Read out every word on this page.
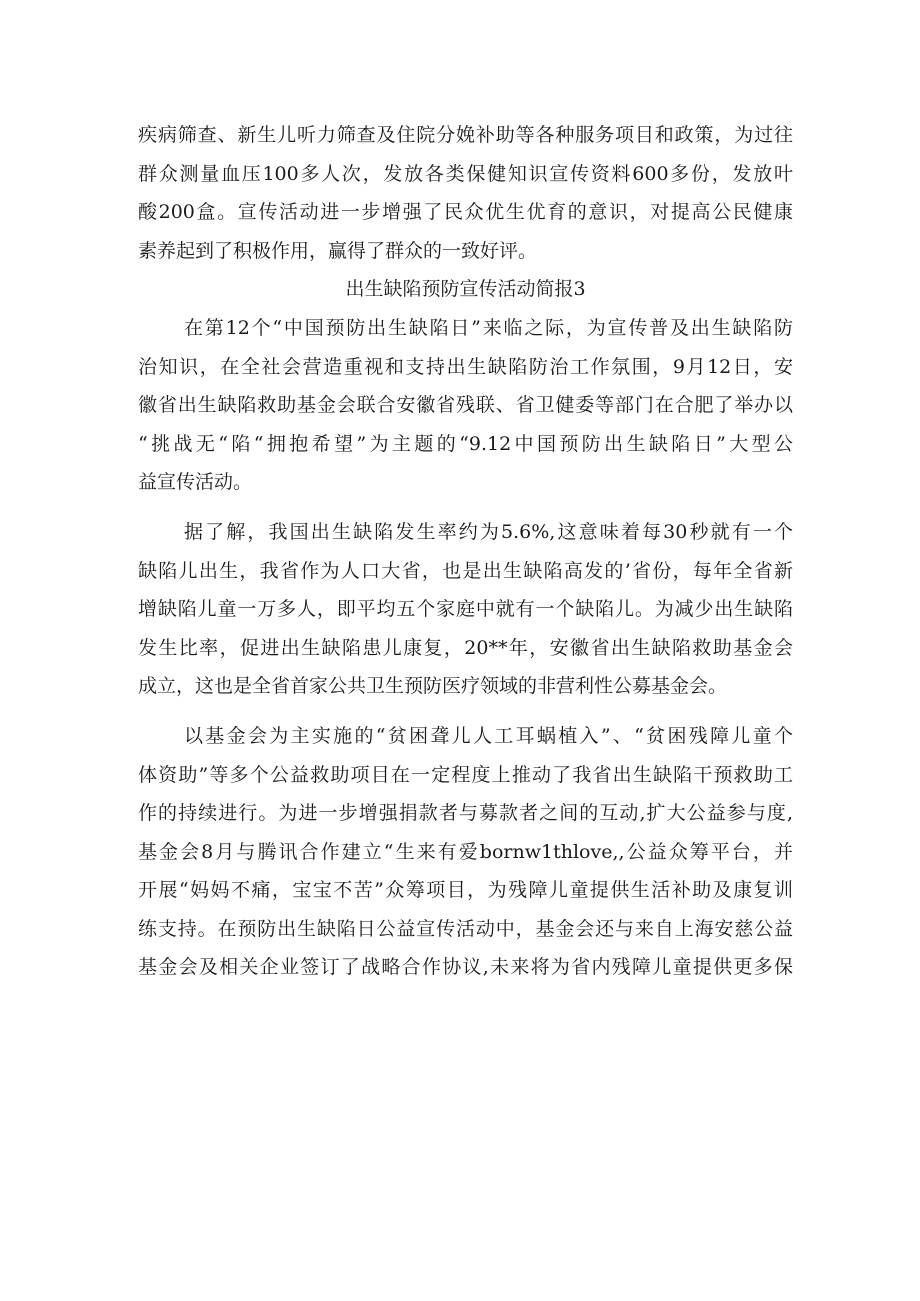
疾病筛查、新生儿听力筛查及住院分娩补助等各种服务项目和政策，为过往
群众测量血压100多人次，发放各类保健知识宣传资料600多份，发放叶
酸200盒。宣传活动进一步增强了民众优生优育的意识，对提高公民健康
素养起到了积极作用，赢得了群众的一致好评。
出生缺陷预防宣传活动简报3
在第12个“中国预防出生缺陷日”来临之际，为宣传普及出生缺陷防
治知识，在全社会营造重视和支持出生缺陷防治工作氛围，9月12日，安
徽省出生缺陷救助基金会联合安徽省残联、省卫健委等部门在合肥了举办以
“挑战无“陷“拥抱希望”为主题的“9.12中国预防出生缺陷日”大型公
益宣传活动。
据了解，我国出生缺陷发生率约为5.6%,这意味着每30秒就有一个
缺陷儿出生，我省作为人口大省，也是出生缺陷高发的’省份，每年全省新
增缺陷儿童一万多人，即平均五个家庭中就有一个缺陷儿。为减少出生缺陷
发生比率，促进出生缺陷患儿康复，20**年，安徽省出生缺陷救助基金会
成立，这也是全省首家公共卫生预防医疗领域的非营利性公募基金会。
以基金会为主实施的“贫困聋儿人工耳蜗植入”、“贫困残障儿童个
体资助”等多个公益救助项目在一定程度上推动了我省出生缺陷干预救助工
作的持续进行。为进一步增强捐款者与募款者之间的互动,扩大公益参与度,
基金会8月与腾讯合作建立“生来有爱bornw1thlove,,公益众筹平台，并
开展“妈妈不痛，宝宝不苦”众筹项目，为残障儿童提供生活补助及康复训
练支持。在预防出生缺陷日公益宣传活动中，基金会还与来自上海安慈公益
基金会及相关企业签订了战略合作协议,未来将为省内残障儿童提供更多保
